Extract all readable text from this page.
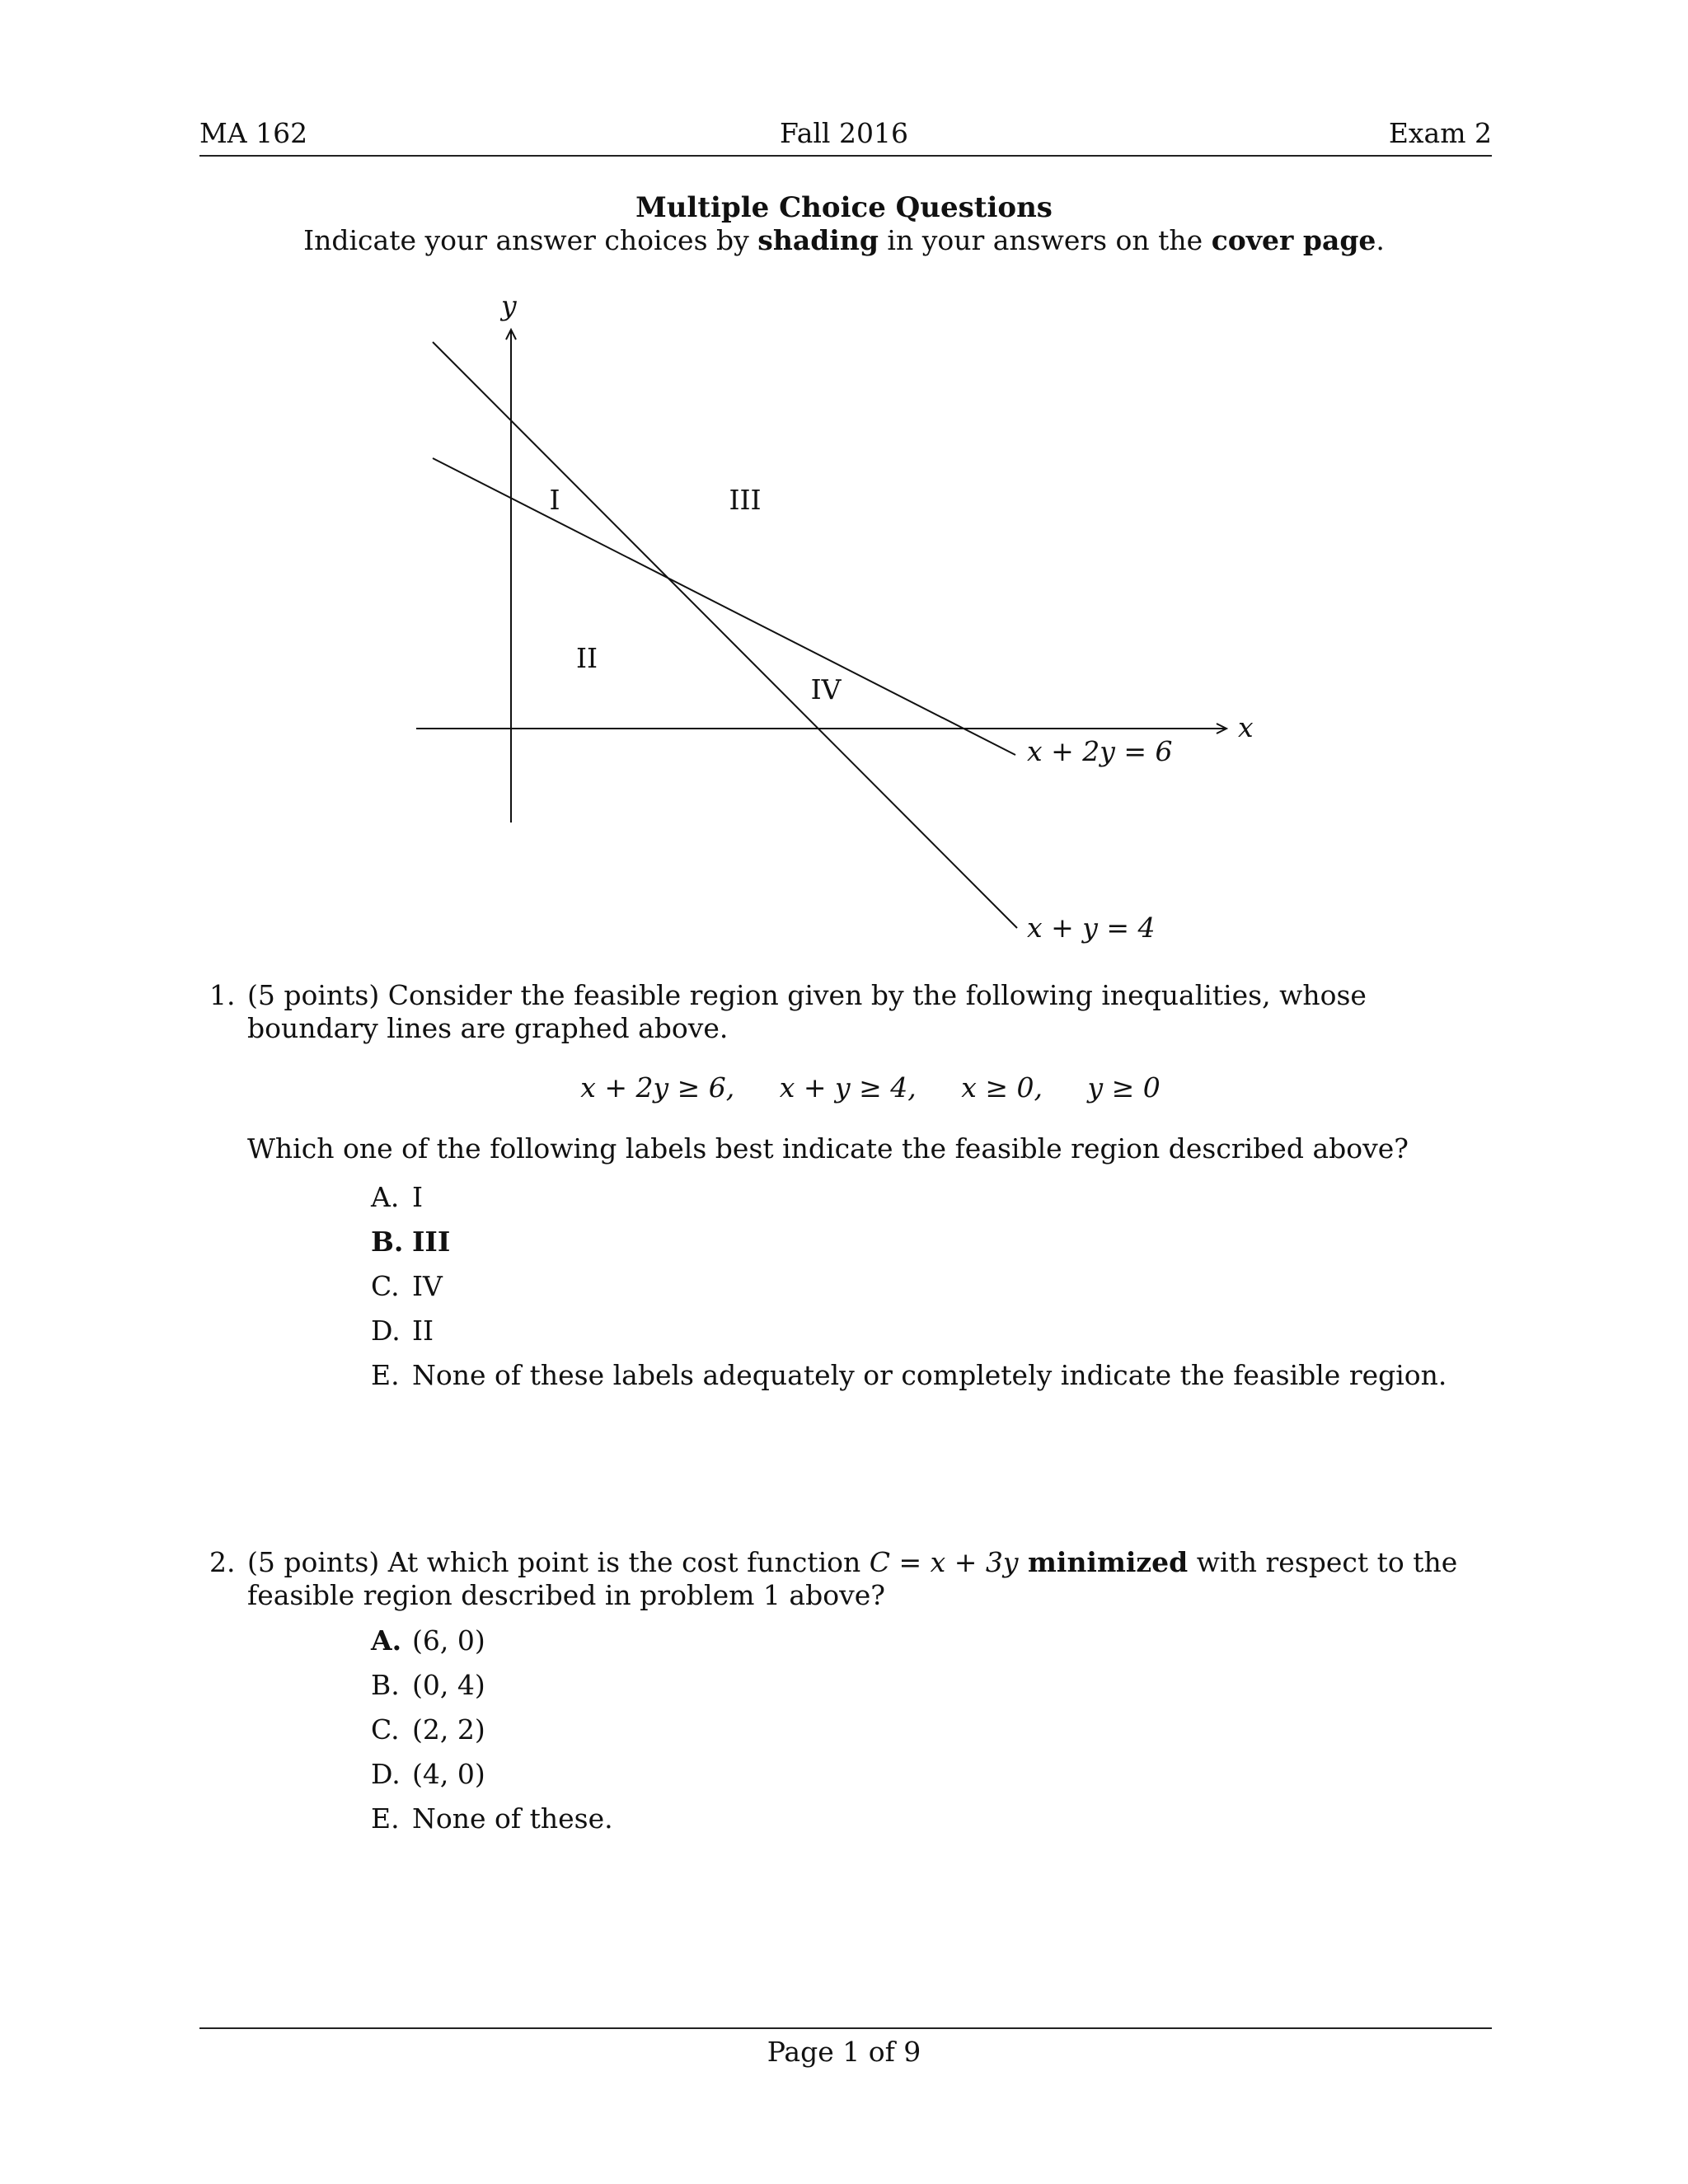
MA 162	Fall 2016	Exam 2
Multiple Choice Questions
Indicate your answer choices by shading in your answers on the cover page.
y
x
I	III
II
IV
x + 2y = 6
x + y = 4
1. (5 points) Consider the feasible region given by the following inequalities, whose boundary lines are graphed above.
x + 2y ≥ 6, x + y ≥ 4, x ≥ 0, y ≥ 0
Which one of the following labels best indicate the feasible region described above?
A. I
B. III
C. IV
D. II
E. None of these labels adequately or completely indicate the feasible region.
2. (5 points) At which point is the cost function C = x + 3y minimized with respect to the feasible region described in problem 1 above?
A. (6, 0)
B. (0, 4)
C. (2, 2)
D. (4, 0)
E. None of these.
Page 1 of 9
